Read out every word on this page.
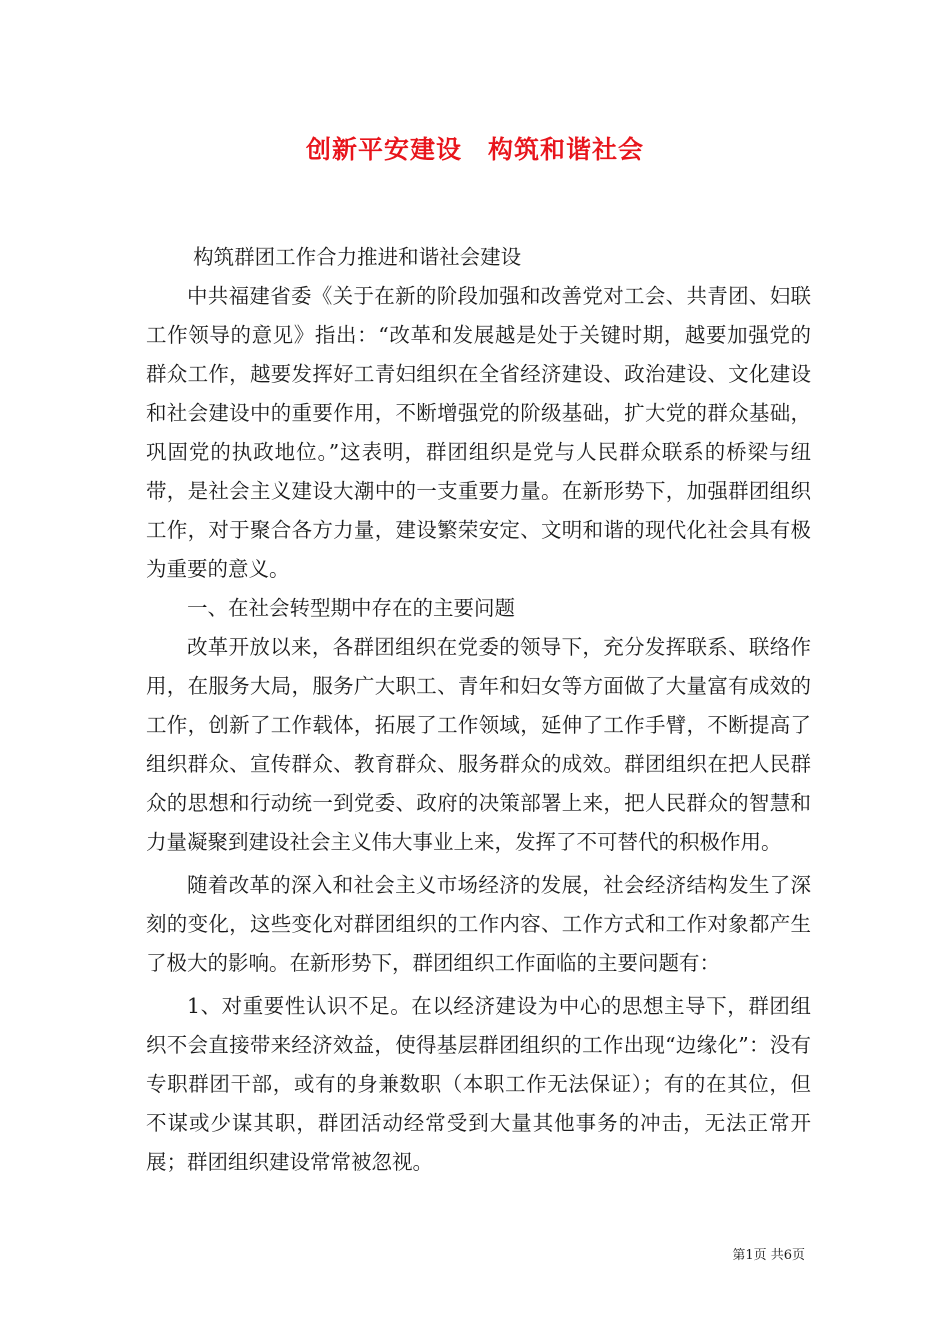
创新平安建设　构筑和谐社会

构筑群团工作合力推进和谐社会建设

中共福建省委《关于在新的阶段加强和改善党对工会、共青团、妇联工作领导的意见》指出：“改革和发展越是处于关键时期，越要加强党的群众工作，越要发挥好工青妇组织在全省经济建设、政治建设、文化建设和社会建设中的重要作用，不断增强党的阶级基础，扩大党的群众基础，巩固党的执政地位。”这表明，群团组织是党与人民群众联系的桥梁与纽带，是社会主义建设大潮中的一支重要力量。在新形势下，加强群团组织工作，对于聚合各方力量，建设繁荣安定、文明和谐的现代化社会具有极为重要的意义。

一、在社会转型期中存在的主要问题

改革开放以来，各群团组织在党委的领导下，充分发挥联系、联络作用，在服务大局，服务广大职工、青年和妇女等方面做了大量富有成效的工作，创新了工作载体，拓展了工作领域，延伸了工作手臂，不断提高了组织群众、宣传群众、教育群众、服务群众的成效。群团组织在把人民群众的思想和行动统一到党委、政府的决策部署上来，把人民群众的智慧和力量凝聚到建设社会主义伟大事业上来，发挥了不可替代的积极作用。

随着改革的深入和社会主义市场经济的发展，社会经济结构发生了深刻的变化，这些变化对群团组织的工作内容、工作方式和工作对象都产生了极大的影响。在新形势下，群团组织工作面临的主要问题有：

1、对重要性认识不足。在以经济建设为中心的思想主导下，群团组织不会直接带来经济效益，使得基层群团组织的工作出现“边缘化”：没有专职群团干部，或有的身兼数职（本职工作无法保证）；有的在其位，但不谋或少谋其职，群团活动经常受到大量其他事务的冲击，无法正常开展；群团组织建设常常被忽视。

第1页 共6页
